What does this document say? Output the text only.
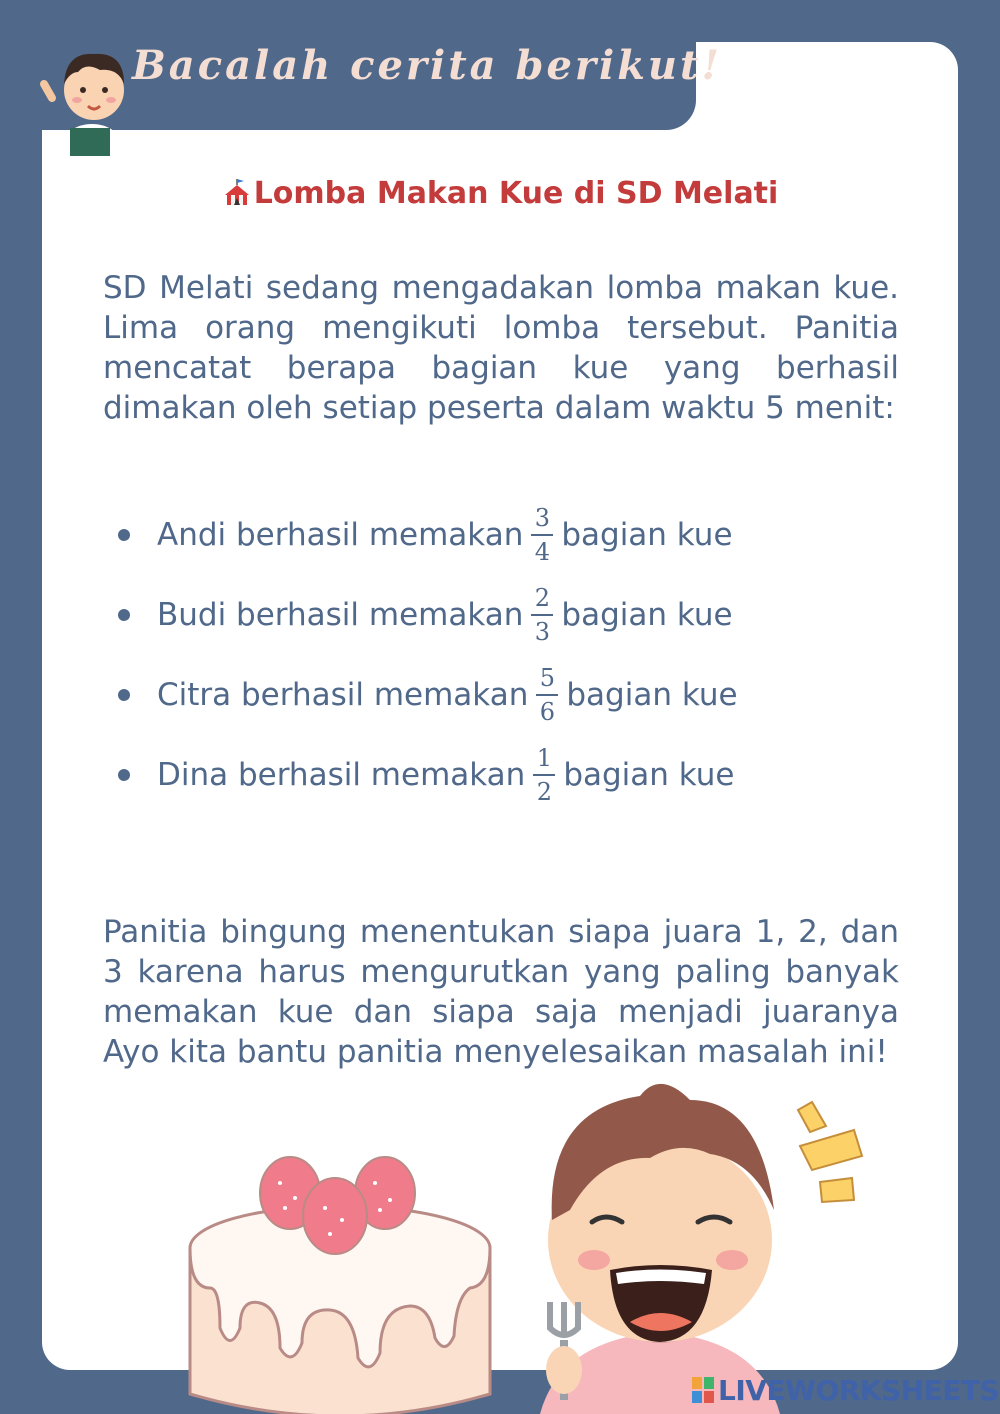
Bacalah cerita berikut!
Lomba Makan Kue di SD Melati
SD Melati sedang mengadakan lomba makan kue. Lima orang mengikuti lomba tersebut. Panitia mencatat berapa bagian kue yang berhasil dimakan oleh setiap peserta dalam waktu 5 menit:
Andi berhasil memakan $\frac{3}{4}$ bagian kue
Budi berhasil memakan $\frac{2}{3}$ bagian kue
Citra berhasil memakan $\frac{5}{6}$ bagian kue
Dina berhasil memakan $\frac{1}{2}$ bagian kue
Panitia bingung menentukan siapa juara 1, 2, dan 3 karena harus mengurutkan yang paling banyak memakan kue dan siapa saja menjadi juaranya Ayo kita bantu panitia menyelesaikan masalah ini!
LIVEWORKSHEETS
